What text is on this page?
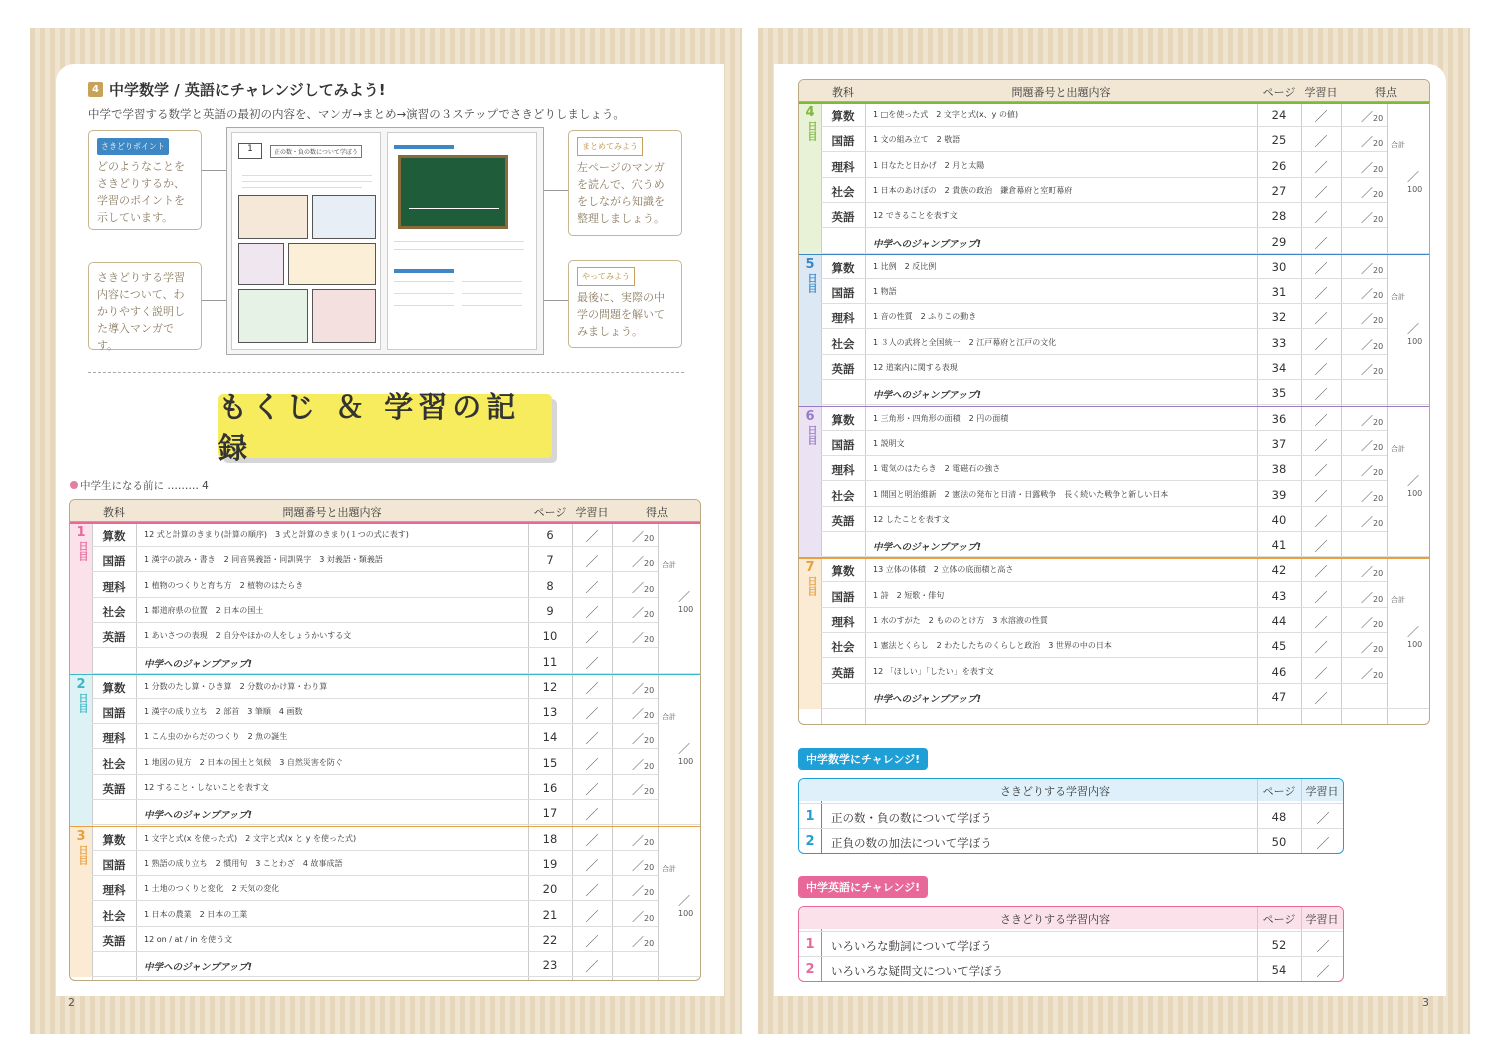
2	3
4 中学数学 / 英語にチャレンジしてみよう!
中学で学習する数学と英語の最初の内容を、マンガ→まとめ→演習の３ステップでさきどりしましょう。
さきどりポイント
どのようなことをさきどりするか、学習のポイントを示しています。
さきどりする学習内容について、わかりやすく説明した導入マンガです。
まとめてみよう
左ページのマンガを読んで、穴うめをしながら知識を整理しましょう。
やってみよう
最後に、実際の中学の問題を解いてみましょう。
1	正の数・負の数について学ぼう
もくじ ＆ 学習の記録
中学生になる前に ……… 4
教科	問題番号と出題内容	ページ 学習日	得点
1
日目
算数	12 式と計算のきまり(計算の順序)　3 式と計算のきまり(１つの式に表す)	6	／	／20
国語	1 漢字の読み・書き　2 同音異義語・同訓異字　3 対義語・類義語	7	／	／20
理科	1 植物のつくりと育ち方　2 植物のはたらき	8	／	／20
社会	1 都道府県の位置　2 日本の国土	9	／	／20
英語	1 あいさつの表現　2 自分やほかの人をしょうかいする文	10	／	／20
中学へのジャンプアップ!	11	／
合計
／100
2
日目
算数	1 分数のたし算・ひき算　2 分数のかけ算・わり算	12	／	／20
国語	1 漢字の成り立ち　2 部首　3 筆順　4 画数	13	／	／20
理科	1 こん虫のからだのつくり　2 魚の誕生	14	／	／20
社会	1 地図の見方　2 日本の国土と気候　3 自然災害を防ぐ	15	／	／20
英語	12 すること・しないことを表す文	16	／	／20
中学へのジャンプアップ!	17	／
合計
／100
3
日目
算数	1 文字と式(x を使った式)　2 文字と式(x と y を使った式)	18	／	／20
国語	1 熟語の成り立ち　2 慣用句　3 ことわざ　4 故事成語	19	／	／20
理科	1 土地のつくりと変化　2 天気の変化	20	／	／20
社会	1 日本の農業　2 日本の工業	21	／	／20
英語	12 on / at / in を使う文	22	／	／20
中学へのジャンプアップ!	23	／
合計
／100
教科	問題番号と出題内容	ページ 学習日	得点
4
日目
算数	1 □を使った式　2 文字と式(x、y の値)	24	／	／20
国語	1 文の組み立て　2 敬語	25	／	／20
理科	1 日なたと日かげ　2 月と太陽	26	／	／20
社会	1 日本のあけぼの　2 貴族の政治　鎌倉幕府と室町幕府	27	／	／20
英語	12 できることを表す文	28	／	／20
中学へのジャンプアップ!	29	／
合計
／100
5
日目
算数	1 比例　2 反比例	30	／	／20
国語	1 物語	31	／	／20
理科	1 音の性質　2 ふりこの動き	32	／	／20
社会	1 ３人の武将と全国統一　2 江戸幕府と江戸の文化	33	／	／20
英語	12 道案内に関する表現	34	／	／20
中学へのジャンプアップ!	35	／
合計
／100
6
日目
算数	1 三角形・四角形の面積　2 円の面積	36	／	／20
国語	1 説明文	37	／	／20
理科	1 電気のはたらき　2 電磁石の強さ	38	／	／20
社会	1 開国と明治維新　2 憲法の発布と日清・日露戦争　長く続いた戦争と新しい日本	39	／	／20
英語	12 したことを表す文	40	／	／20
中学へのジャンプアップ!	41	／
合計
／100
7
日目
算数	13 立体の体積　2 立体の底面積と高さ	42	／	／20
国語	1 詩　2 短歌・俳句	43	／	／20
理科	1 水のすがた　2 もののとけ方　3 水溶液の性質	44	／	／20
社会	1 憲法とくらし　2 わたしたちのくらしと政治　3 世界の中の日本	45	／	／20
英語	12 「ほしい」「したい」を表す文	46	／	／20
中学へのジャンプアップ!	47	／
合計
／100
中学数学にチャレンジ!
さきどりする学習内容	ページ 学習日
1	正の数・負の数について学ぼう	48	／
2	正負の数の加法について学ぼう	50	／
中学英語にチャレンジ!
さきどりする学習内容	ページ 学習日
1	いろいろな動詞について学ぼう	52	／
2	いろいろな疑問文について学ぼう	54	／
